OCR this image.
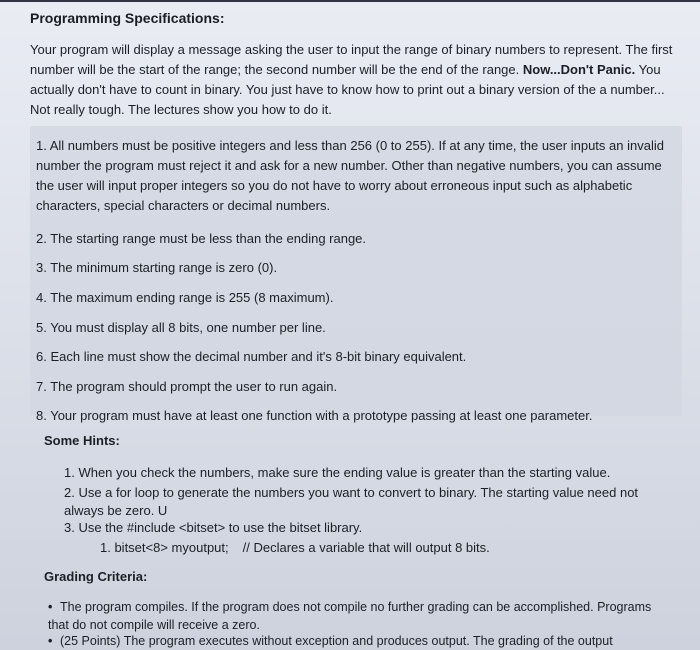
Programming Specifications:

Your program will display a message asking the user to input the range of binary numbers to represent. The first number will be the start of the range; the second number will be the end of the range. Now...Don't Panic. You actually don't have to count in binary. You just have to know how to print out a binary version of the a number... Not really tough. The lectures show you how to do it.

1. All numbers must be positive integers and less than 256 (0 to 255). If at any time, the user inputs an invalid number the program must reject it and ask for a new number. Other than negative numbers, you can assume the user will input proper integers so you do not have to worry about erroneous input such as alphabetic characters, special characters or decimal numbers.

2. The starting range must be less than the ending range.

3. The minimum starting range is zero (0).

4. The maximum ending range is 255 (8 maximum).

5. You must display all 8 bits, one number per line.

6. Each line must show the decimal number and it's 8-bit binary equivalent.

7. The program should prompt the user to run again.

8. Your program must have at least one function with a prototype passing at least one parameter.

Some Hints:

1. When you check the numbers, make sure the ending value is greater than the starting value.

2. Use a for loop to generate the numbers you want to convert to binary. The starting value need not always be zero. U

3. Use the #include <bitset> to use the bitset library.

1. bitset<8> myoutput; // Declares a variable that will output 8 bits.

Grading Criteria:

• The program compiles. If the program does not compile no further grading can be accomplished. Programs that do not compile will receive a zero.

• (25 Points) The program executes without exception and produces output. The grading of the output
